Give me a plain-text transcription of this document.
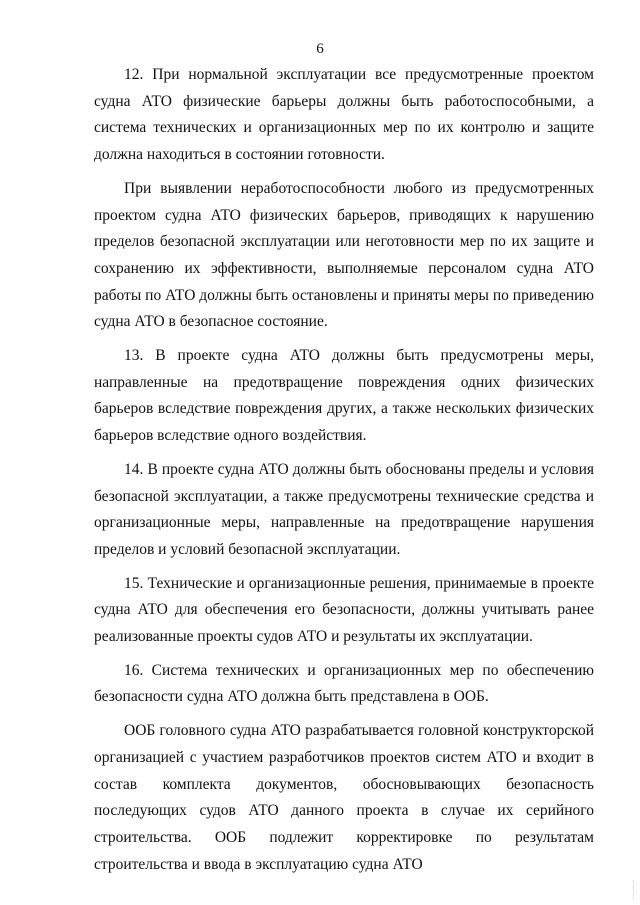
6

12. При нормальной эксплуатации все предусмотренные проектом судна АТО физические барьеры должны быть работоспособными, а система технических и организационных мер по их контролю и защите должна находиться в состоянии готовности.

При выявлении неработоспособности любого из предусмотренных проектом судна АТО физических барьеров, приводящих к нарушению пределов безопасной эксплуатации или неготовности мер по их защите и сохранению их эффективности, выполняемые персоналом судна АТО работы по АТО должны быть остановлены и приняты меры по приведению судна АТО в безопасное состояние.

13. В проекте судна АТО должны быть предусмотрены меры, направленные на предотвращение повреждения одних физических барьеров вследствие повреждения других, а также нескольких физических барьеров вследствие одного воздействия.

14. В проекте судна АТО должны быть обоснованы пределы и условия безопасной эксплуатации, а также предусмотрены технические средства и организационные меры, направленные на предотвращение нарушения пределов и условий безопасной эксплуатации.

15. Технические и организационные решения, принимаемые в проекте судна АТО для обеспечения его безопасности, должны учитывать ранее реализованные проекты судов АТО и результаты их эксплуатации.

16. Система технических и организационных мер по обеспечению безопасности судна АТО должна быть представлена в ООБ.

ООБ головного судна АТО разрабатывается головной конструкторской организацией с участием разработчиков проектов систем АТО и входит в состав комплекта документов, обосновывающих безопасность последующих судов АТО данного проекта в случае их серийного строительства. ООБ подлежит корректировке по результатам строительства и ввода в эксплуатацию судна АТО
